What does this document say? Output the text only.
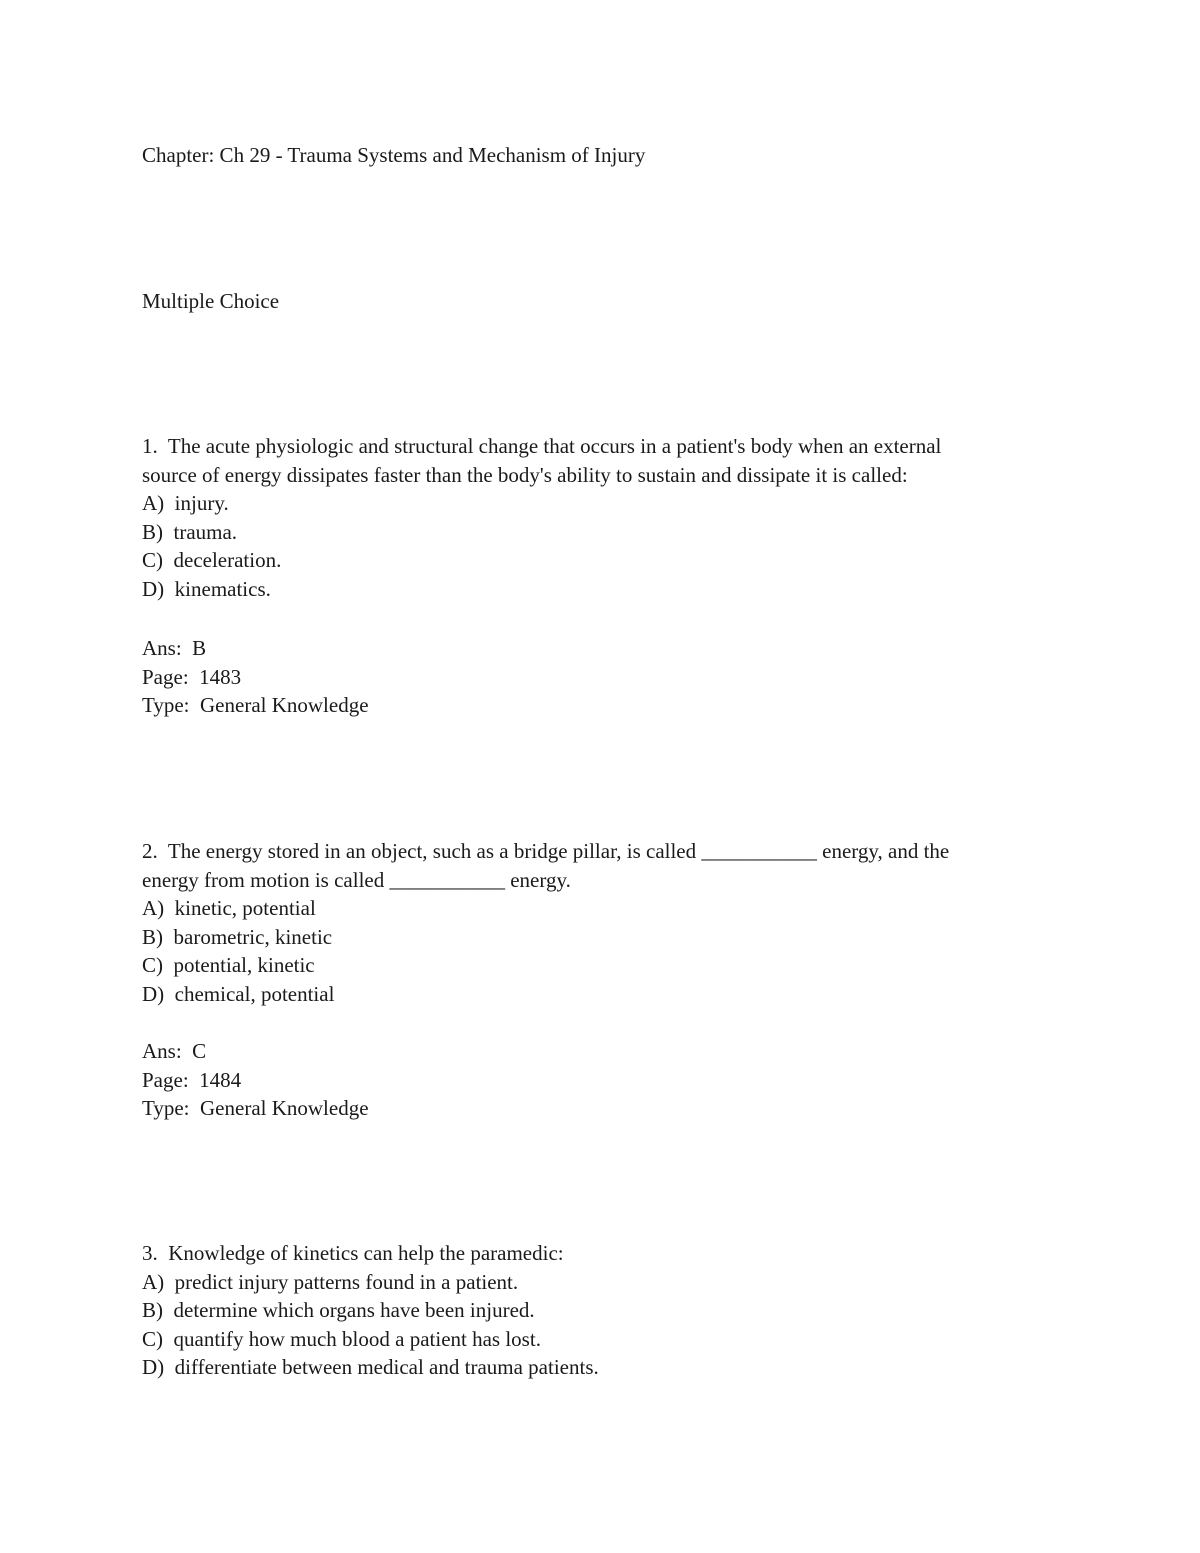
Chapter: Ch 29 - Trauma Systems and Mechanism of Injury

Multiple Choice

1.  The acute physiologic and structural change that occurs in a patient's body when an external
source of energy dissipates faster than the body's ability to sustain and dissipate it is called:
A)  injury.
B)  trauma.
C)  deceleration.
D)  kinematics.
Ans:  B
Page:  1483
Type:  General Knowledge
2.  The energy stored in an object, such as a bridge pillar, is called ___________ energy, and the
energy from motion is called ___________ energy.
A)  kinetic, potential
B)  barometric, kinetic
C)  potential, kinetic
D)  chemical, potential
Ans:  C
Page:  1484
Type:  General Knowledge
3.  Knowledge of kinetics can help the paramedic:
A)  predict injury patterns found in a patient.
B)  determine which organs have been injured.
C)  quantify how much blood a patient has lost.
D)  differentiate between medical and trauma patients.
